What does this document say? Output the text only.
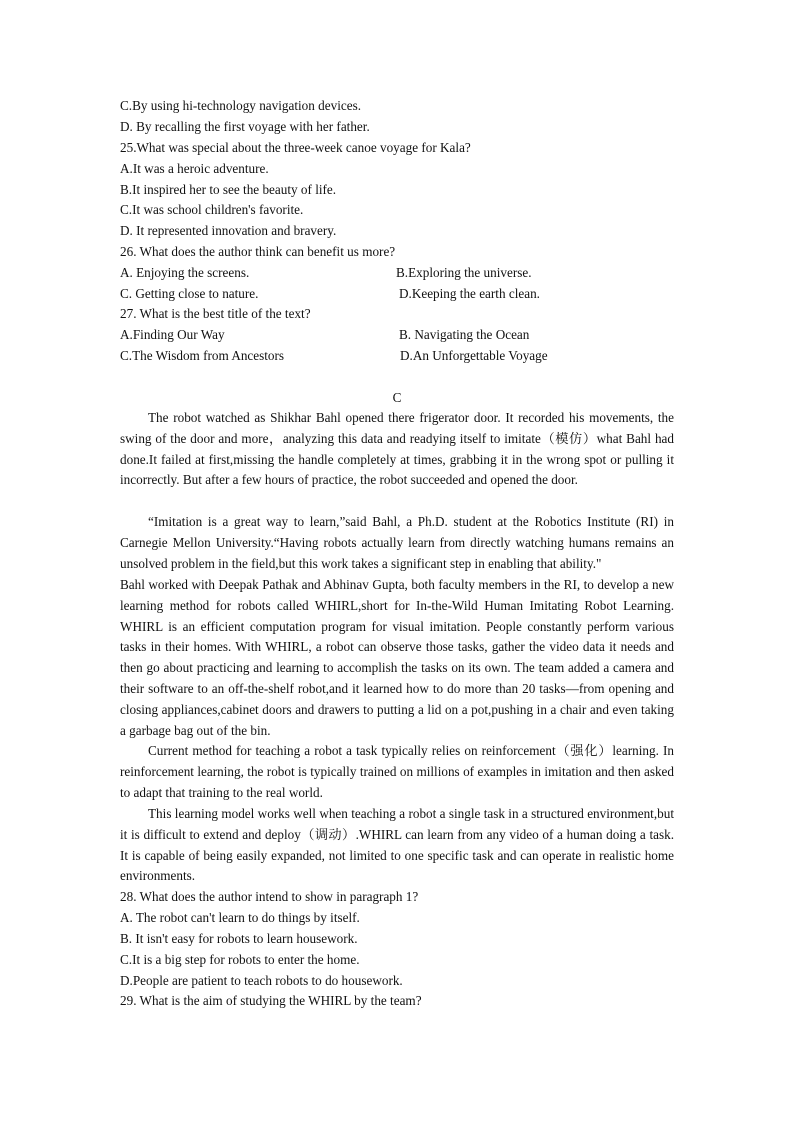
C.By using hi-technology navigation devices.
D. By recalling the first voyage with her father.
25.What was special about the three-week canoe voyage for Kala?
A.It was a heroic adventure.
B.It inspired her to see the beauty of life.
C.It was school children's favorite.
D. It represented innovation and bravery.
26. What does the author think can benefit us more?
A. Enjoying the screens.	B.Exploring the universe.
C. Getting close to nature.	D.Keeping the earth clean.
27. What is the best title of the text?
A.Finding Our Way	B. Navigating the Ocean
C.The Wisdom from Ancestors	D.An Unforgettable Voyage
C

The robot watched as Shikhar Bahl opened there frigerator door. It recorded his movements, the swing of the door and more，analyzing this data and readying itself to imitate（模仿）what Bahl had done.It failed at first,missing the handle completely at times, grabbing it in the wrong spot or pulling it incorrectly. But after a few hours of practice, the robot succeeded and opened the door.

“Imitation is a great way to learn,”said Bahl, a Ph.D. student at the Robotics Institute (RI) in Carnegie Mellon University.“Having robots actually learn from directly watching humans remains an unsolved problem in the field,but this work takes a significant step in enabling that ability."

Bahl worked with Deepak Pathak and Abhinav Gupta, both faculty members in the RI, to develop a new learning method for robots called WHIRL,short for In-the-Wild Human Imitating Robot Learning. WHIRL is an efficient computation program for visual imitation. People constantly perform various tasks in their homes. With WHIRL, a robot can observe those tasks, gather the video data it needs and then go about practicing and learning to accomplish the tasks on its own. The team added a camera and their software to an off-the-shelf robot,and it learned how to do more than 20 tasks—from opening and closing appliances,cabinet doors and drawers to putting a lid on a pot,pushing in a chair and even taking a garbage bag out of the bin.

Current method for teaching a robot a task typically relies on reinforcement（强化）learning. In reinforcement learning, the robot is typically trained on millions of examples in imitation and then asked to adapt that training to the real world.

This learning model works well when teaching a robot a single task in a structured environment,but it is difficult to extend and deploy（调动）.WHIRL can learn from any video of a human doing a task. It is capable of being easily expanded, not limited to one specific task and can operate in realistic home environments.

28. What does the author intend to show in paragraph 1?
A. The robot can't learn to do things by itself.
B. It isn't easy for robots to learn housework.
C.It is a big step for robots to enter the home.
D.People are patient to teach robots to do housework.
29. What is the aim of studying the WHIRL by the team?
